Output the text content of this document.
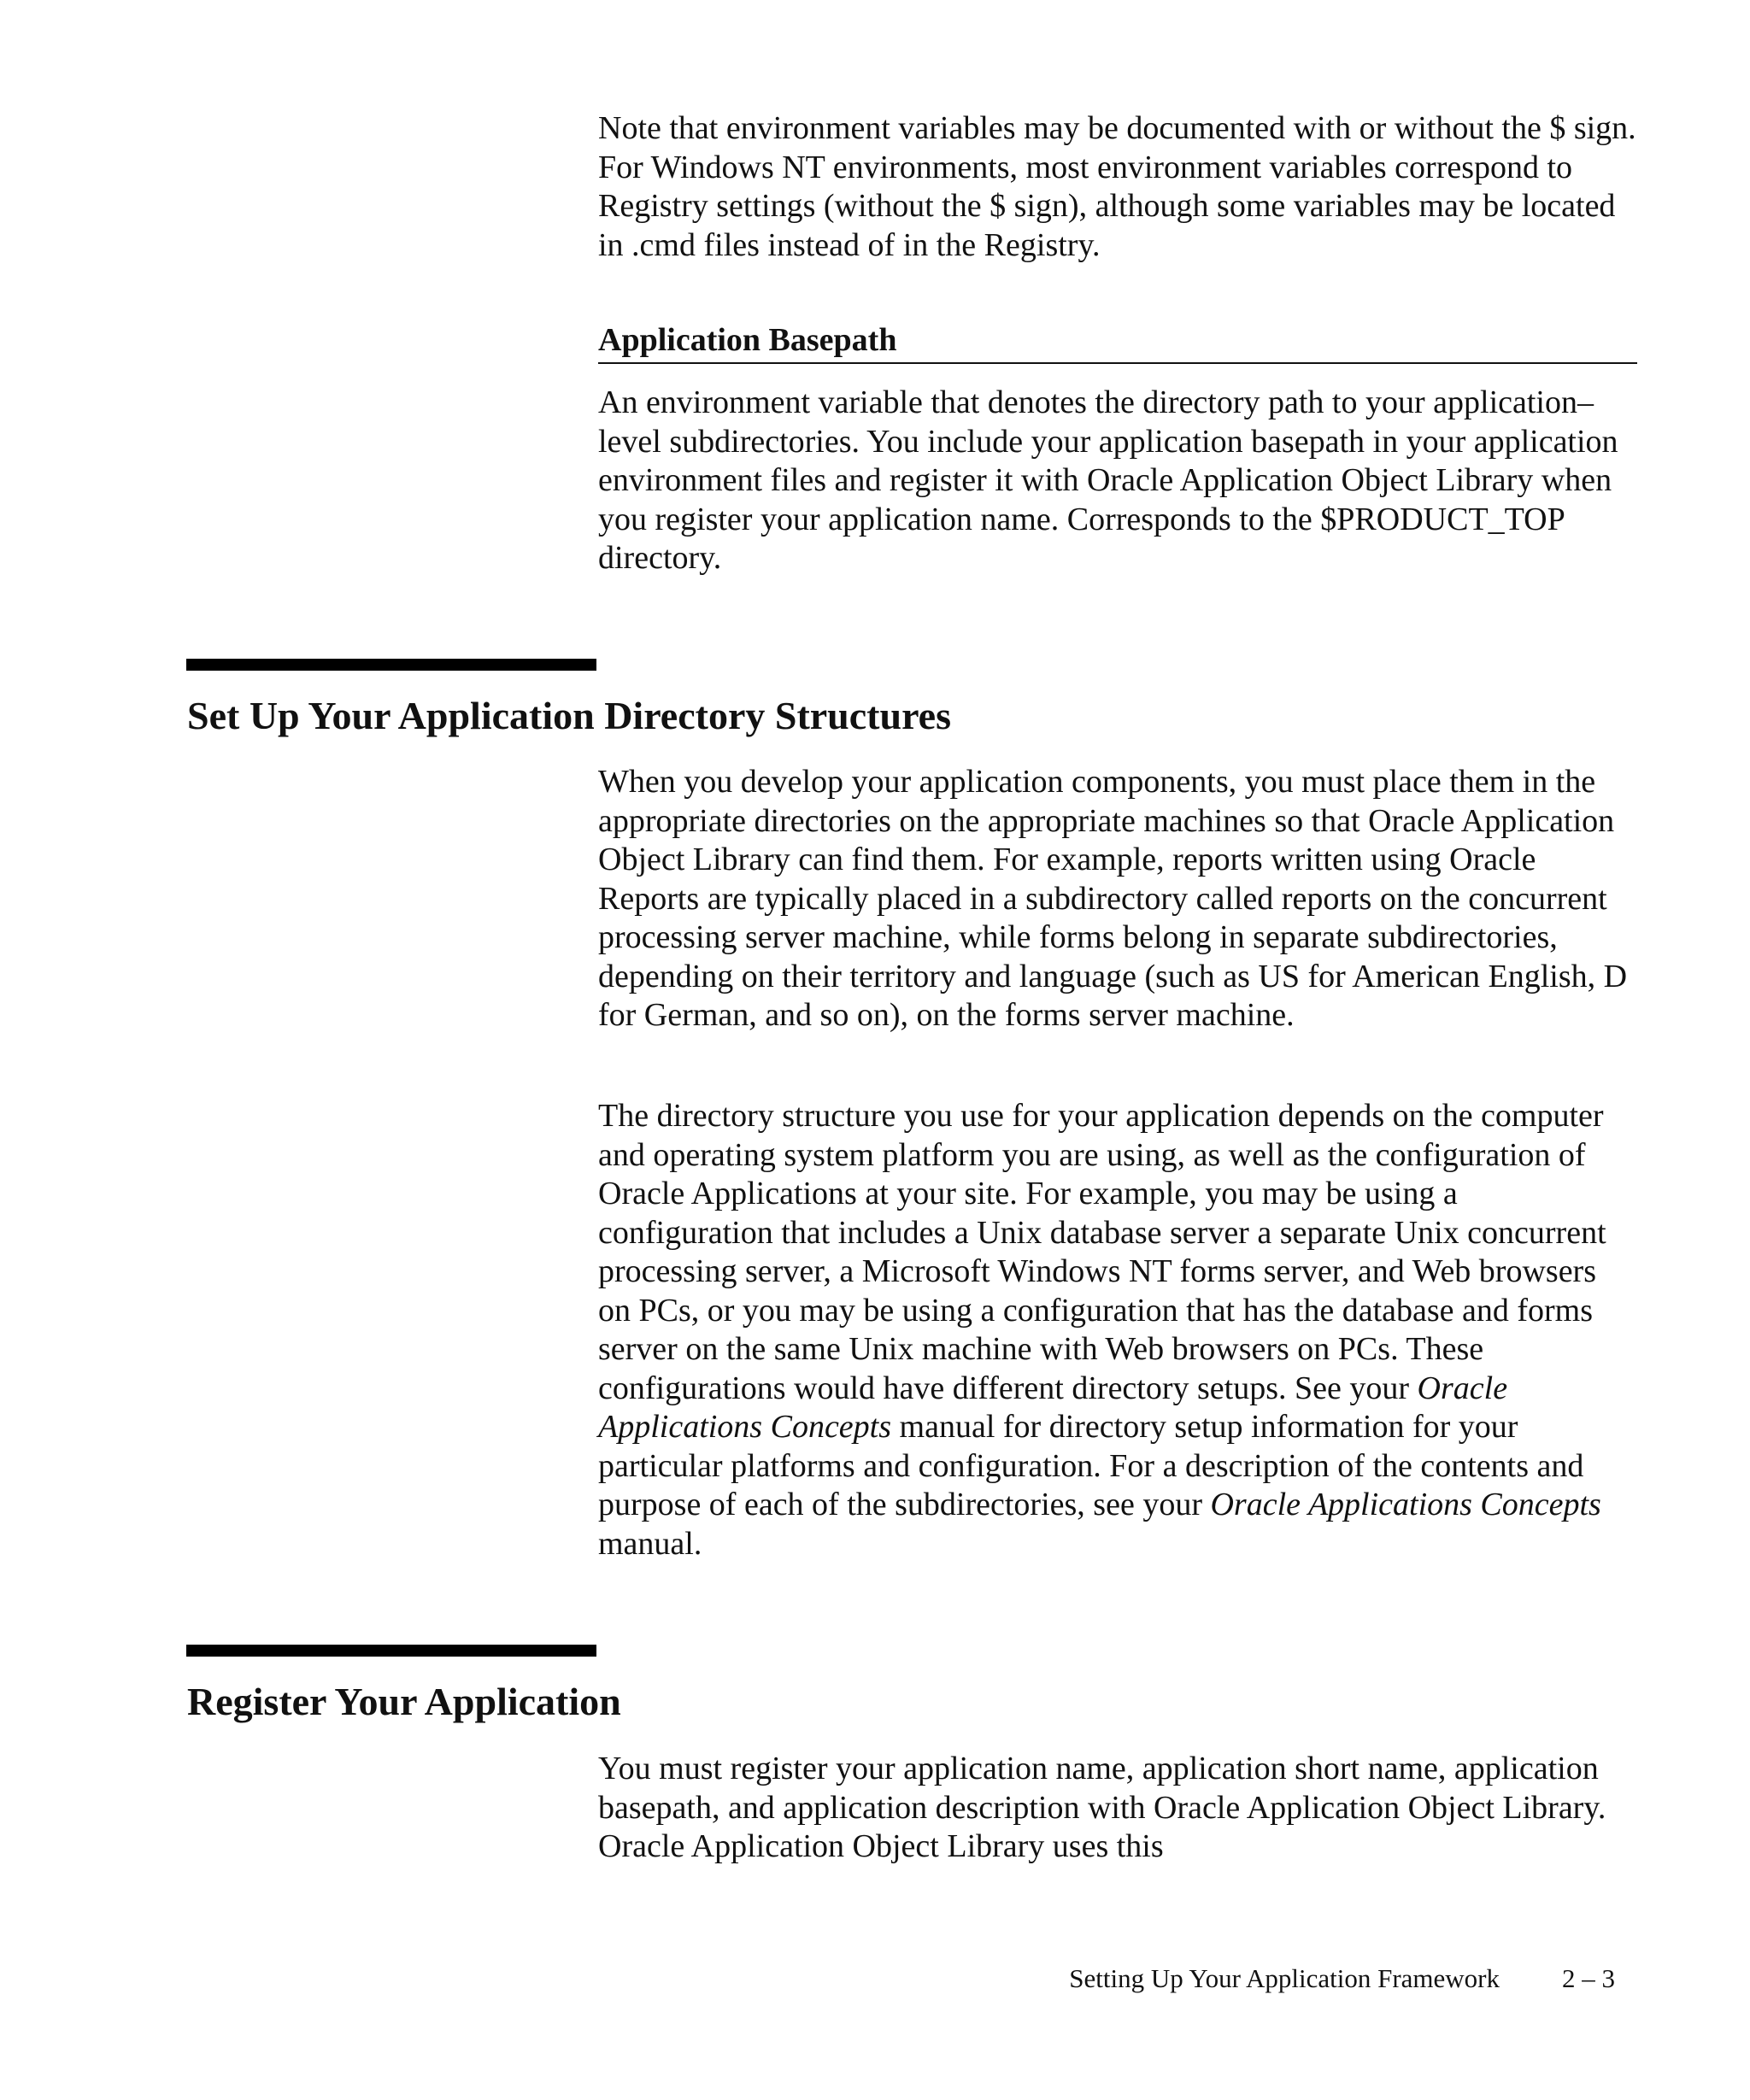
Note that environment variables may be documented with or without the $ sign. For Windows NT environments, most environment variables correspond to Registry settings (without the $ sign), although some variables may be located in .cmd files instead of in the Registry.

Application Basepath

An environment variable that denotes the directory path to your application–level subdirectories. You include your application basepath in your application environment files and register it with Oracle Application Object Library when you register your application name. Corresponds to the $PRODUCT_TOP directory.

Set Up Your Application Directory Structures

When you develop your application components, you must place them in the appropriate directories on the appropriate machines so that Oracle Application Object Library can find them. For example, reports written using Oracle Reports are typically placed in a subdirectory called reports on the concurrent processing server machine, while forms belong in separate subdirectories, depending on their territory and language (such as US for American English, D for German, and so on), on the forms server machine.

The directory structure you use for your application depends on the computer and operating system platform you are using, as well as the configuration of Oracle Applications at your site. For example, you may be using a configuration that includes a Unix database server a separate Unix concurrent processing server, a Microsoft Windows NT forms server, and Web browsers on PCs, or you may be using a configuration that has the database and forms server on the same Unix machine with Web browsers on PCs. These configurations would have different directory setups. See your Oracle Applications Concepts manual for directory setup information for your particular platforms and configuration. For a description of the contents and purpose of each of the subdirectories, see your Oracle Applications Concepts manual.

Register Your Application

You must register your application name, application short name, application basepath, and application description with Oracle Application Object Library. Oracle Application Object Library uses this

Setting Up Your Application Framework 2 – 3
